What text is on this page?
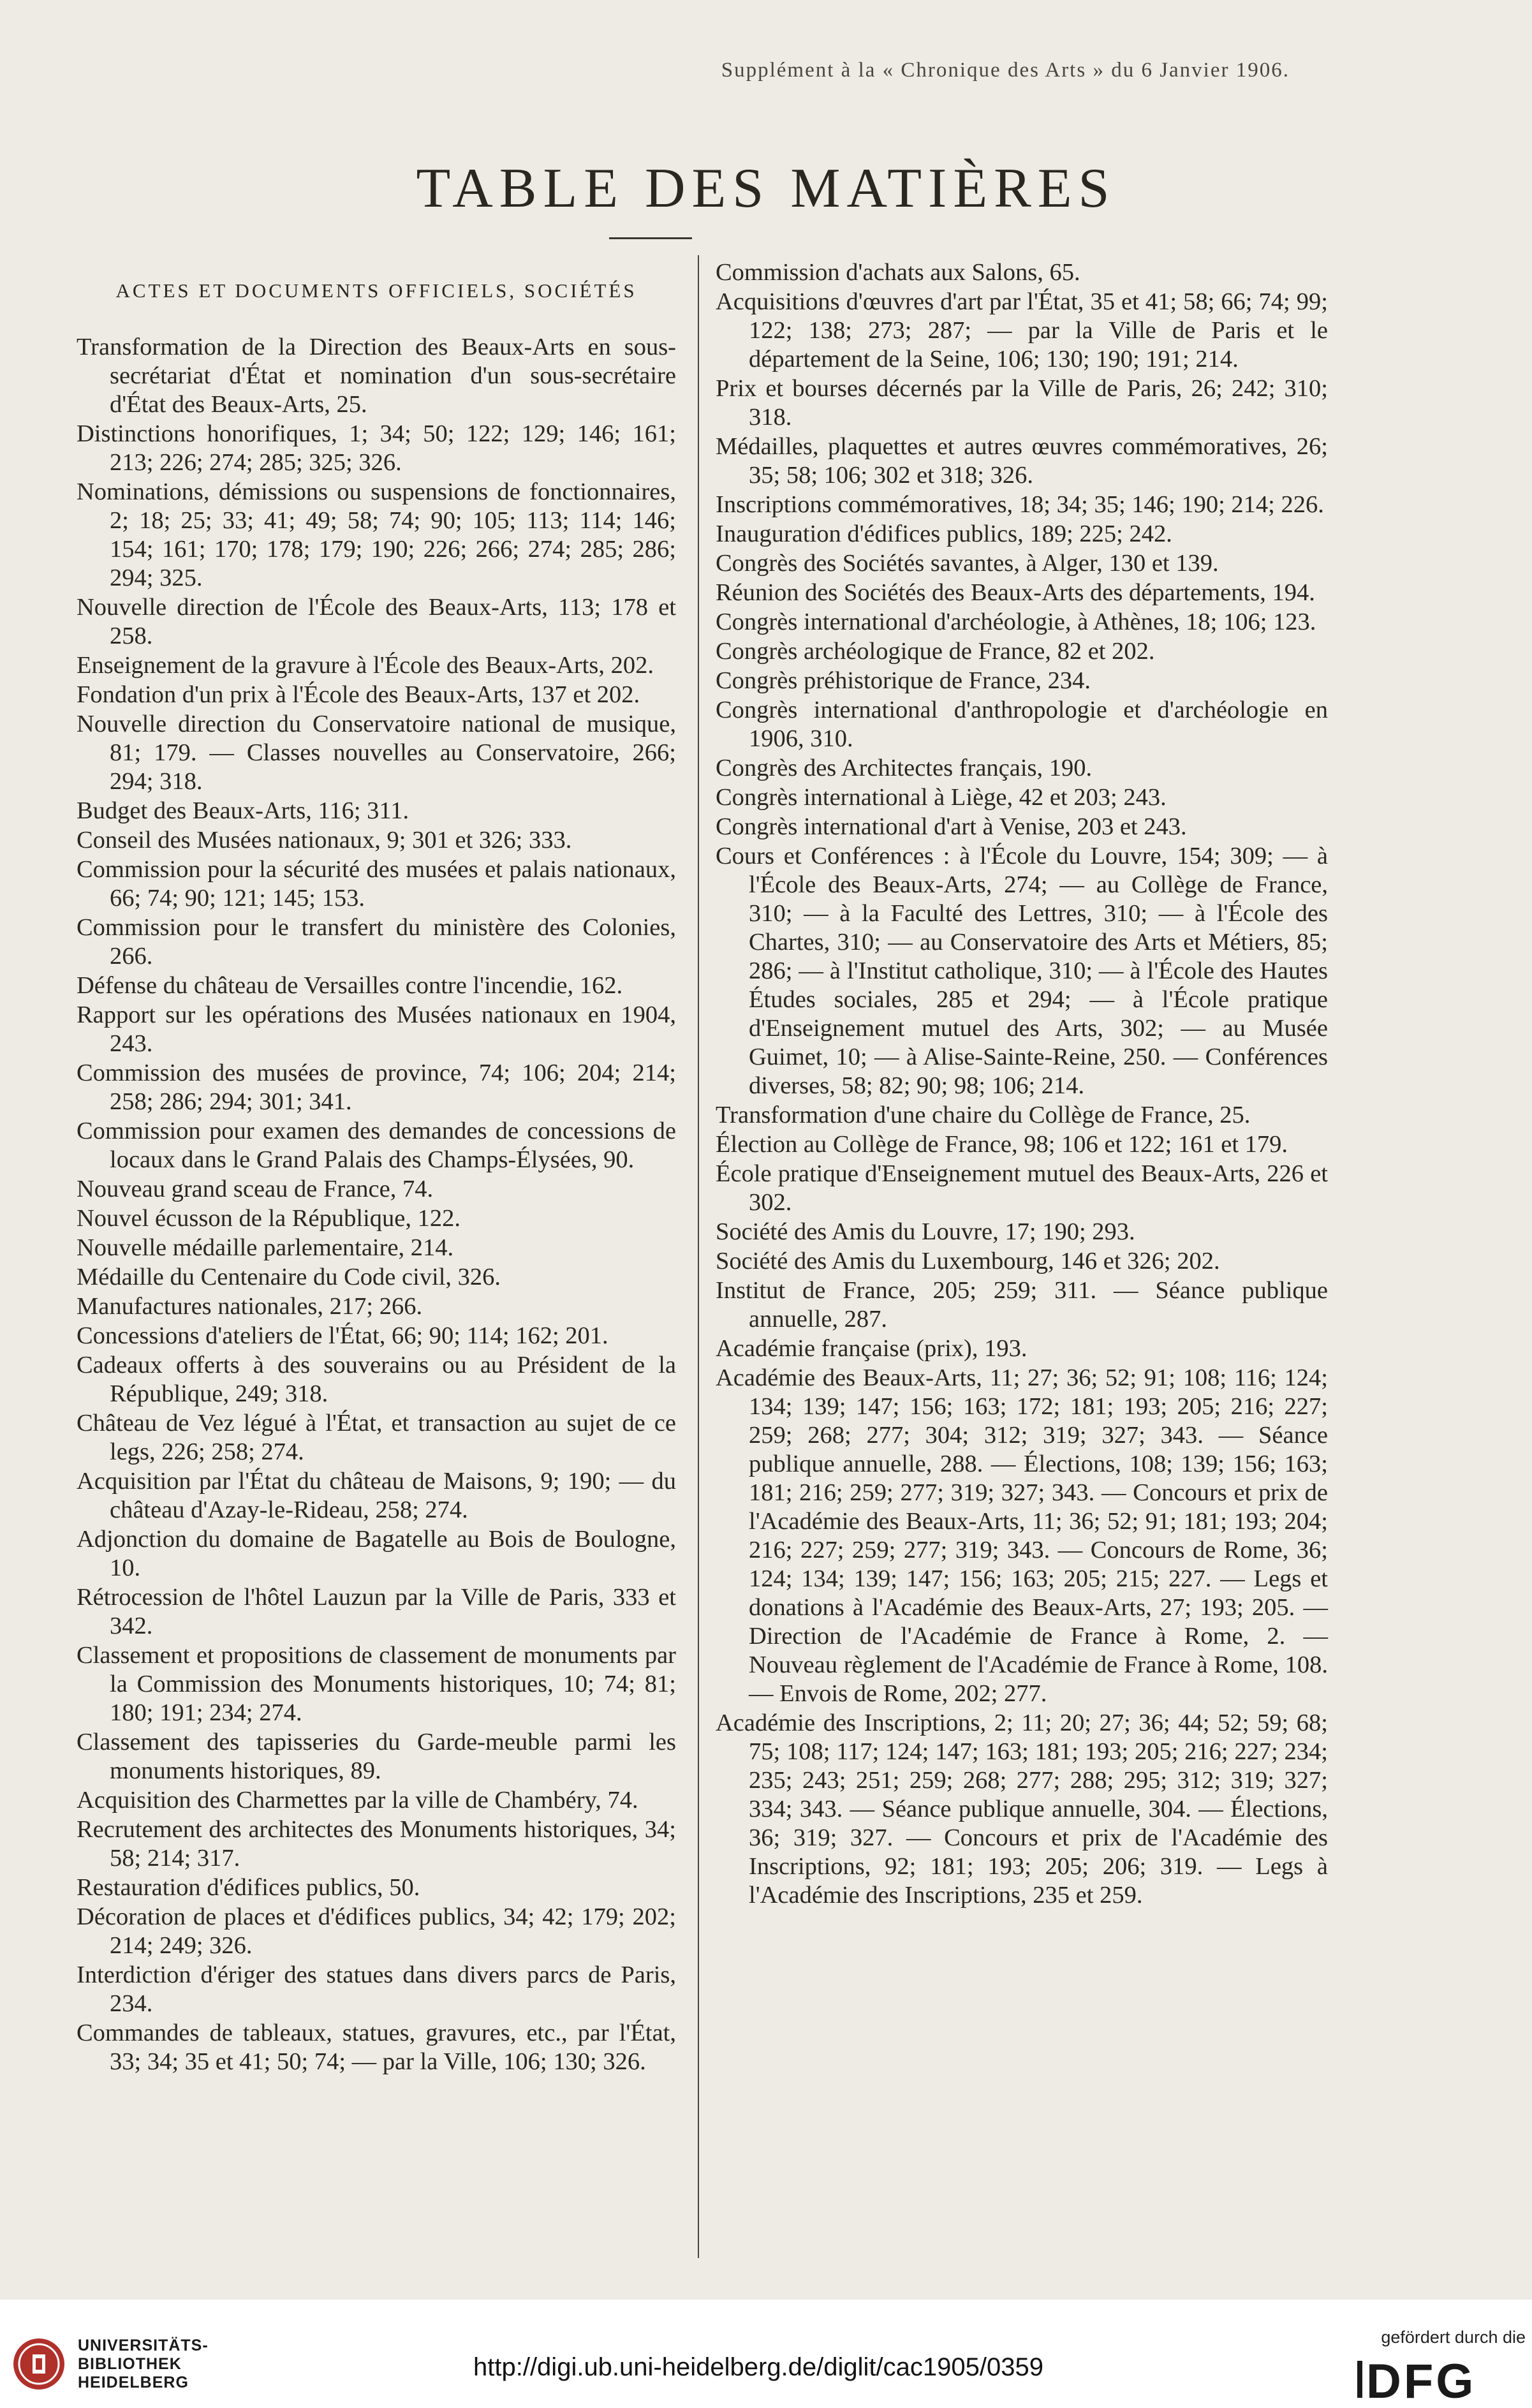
Supplément à la « Chronique des Arts » du 6 Janvier 1906.
TABLE DES MATIÈRES
ACTES ET DOCUMENTS OFFICIELS, SOCIÉTÉS

Transformation de la Direction des Beaux-Arts en sous-secrétariat d'État et nomination d'un sous-secrétaire d'État des Beaux-Arts, 25.

Distinctions honorifiques, 1; 34; 50; 122; 129; 146; 161; 213; 226; 274; 285; 325; 326.

Nominations, démissions ou suspensions de fonctionnaires, 2; 18; 25; 33; 41; 49; 58; 74; 90; 105; 113; 114; 146; 154; 161; 170; 178; 179; 190; 226; 266; 274; 285; 286; 294; 325.

Nouvelle direction de l'École des Beaux-Arts, 113; 178 et 258.

Enseignement de la gravure à l'École des Beaux-Arts, 202.

Fondation d'un prix à l'École des Beaux-Arts, 137 et 202.

Nouvelle direction du Conservatoire national de musique, 81; 179. — Classes nouvelles au Conservatoire, 266; 294; 318.

Budget des Beaux-Arts, 116; 311.

Conseil des Musées nationaux, 9; 301 et 326; 333.

Commission pour la sécurité des musées et palais nationaux, 66; 74; 90; 121; 145; 153.

Commission pour le transfert du ministère des Colonies, 266.

Défense du château de Versailles contre l'incendie, 162.

Rapport sur les opérations des Musées nationaux en 1904, 243.

Commission des musées de province, 74; 106; 204; 214; 258; 286; 294; 301; 341.

Commission pour examen des demandes de concessions de locaux dans le Grand Palais des Champs-Élysées, 90.

Nouveau grand sceau de France, 74.

Nouvel écusson de la République, 122.

Nouvelle médaille parlementaire, 214.

Médaille du Centenaire du Code civil, 326.

Manufactures nationales, 217; 266.

Concessions d'ateliers de l'État, 66; 90; 114; 162; 201.

Cadeaux offerts à des souverains ou au Président de la République, 249; 318.

Château de Vez légué à l'État, et transaction au sujet de ce legs, 226; 258; 274.

Acquisition par l'État du château de Maisons, 9; 190; — du château d'Azay-le-Rideau, 258; 274.

Adjonction du domaine de Bagatelle au Bois de Boulogne, 10.

Rétrocession de l'hôtel Lauzun par la Ville de Paris, 333 et 342.

Classement et propositions de classement de monuments par la Commission des Monuments historiques, 10; 74; 81; 180; 191; 234; 274.

Classement des tapisseries du Garde-meuble parmi les monuments historiques, 89.

Acquisition des Charmettes par la ville de Chambéry, 74.

Recrutement des architectes des Monuments historiques, 34; 58; 214; 317.

Restauration d'édifices publics, 50.

Décoration de places et d'édifices publics, 34; 42; 179; 202; 214; 249; 326.

Interdiction d'ériger des statues dans divers parcs de Paris, 234.

Commandes de tableaux, statues, gravures, etc., par l'État, 33; 34; 35 et 41; 50; 74; — par la Ville, 106; 130; 326.

Commission d'achats aux Salons, 65.

Acquisitions d'œuvres d'art par l'État, 35 et 41; 58; 66; 74; 99; 122; 138; 273; 287; — par la Ville de Paris et le département de la Seine, 106; 130; 190; 191; 214.

Prix et bourses décernés par la Ville de Paris, 26; 242; 310; 318.

Médailles, plaquettes et autres œuvres commémoratives, 26; 35; 58; 106; 302 et 318; 326.

Inscriptions commémoratives, 18; 34; 35; 146; 190; 214; 226.

Inauguration d'édifices publics, 189; 225; 242.

Congrès des Sociétés savantes, à Alger, 130 et 139.

Réunion des Sociétés des Beaux-Arts des départements, 194.

Congrès international d'archéologie, à Athènes, 18; 106; 123.

Congrès archéologique de France, 82 et 202.

Congrès préhistorique de France, 234.

Congrès international d'anthropologie et d'archéologie en 1906, 310.

Congrès des Architectes français, 190.

Congrès international à Liège, 42 et 203; 243.

Congrès international d'art à Venise, 203 et 243.

Cours et Conférences : à l'École du Louvre, 154; 309; — à l'École des Beaux-Arts, 274; — au Collège de France, 310; — à la Faculté des Lettres, 310; — à l'École des Chartes, 310; — au Conservatoire des Arts et Métiers, 85; 286; — à l'Institut catholique, 310; — à l'École des Hautes Études sociales, 285 et 294; — à l'École pratique d'Enseignement mutuel des Arts, 302; — au Musée Guimet, 10; — à Alise-Sainte-Reine, 250. — Conférences diverses, 58; 82; 90; 98; 106; 214.

Transformation d'une chaire du Collège de France, 25.

Élection au Collège de France, 98; 106 et 122; 161 et 179.

École pratique d'Enseignement mutuel des Beaux-Arts, 226 et 302.

Société des Amis du Louvre, 17; 190; 293.

Société des Amis du Luxembourg, 146 et 326; 202.

Institut de France, 205; 259; 311. — Séance publique annuelle, 287.

Académie française (prix), 193.

Académie des Beaux-Arts, 11; 27; 36; 52; 91; 108; 116; 124; 134; 139; 147; 156; 163; 172; 181; 193; 205; 216; 227; 259; 268; 277; 304; 312; 319; 327; 343. — Séance publique annuelle, 288. — Élections, 108; 139; 156; 163; 181; 216; 259; 277; 319; 327; 343. — Concours et prix de l'Académie des Beaux-Arts, 11; 36; 52; 91; 181; 193; 204; 216; 227; 259; 277; 319; 343. — Concours de Rome, 36; 124; 134; 139; 147; 156; 163; 205; 215; 227. — Legs et donations à l'Académie des Beaux-Arts, 27; 193; 205. — Direction de l'Académie de France à Rome, 2. — Nouveau règlement de l'Académie de France à Rome, 108. — Envois de Rome, 202; 277.

Académie des Inscriptions, 2; 11; 20; 27; 36; 44; 52; 59; 68; 75; 108; 117; 124; 147; 163; 181; 193; 205; 216; 227; 234; 235; 243; 251; 259; 268; 277; 288; 295; 312; 319; 327; 334; 343. — Séance publique annuelle, 304. — Élections, 36; 319; 327. — Concours et prix de l'Académie des Inscriptions, 92; 181; 193; 205; 206; 319. — Legs à l'Académie des Inscriptions, 235 et 259.

UNIVERSITÄTS-
BIBLIOTHEK
HEIDELBERG
http://digi.ub.uni-heidelberg.de/diglit/cac1905/0359
gefördert durch die
DFG
